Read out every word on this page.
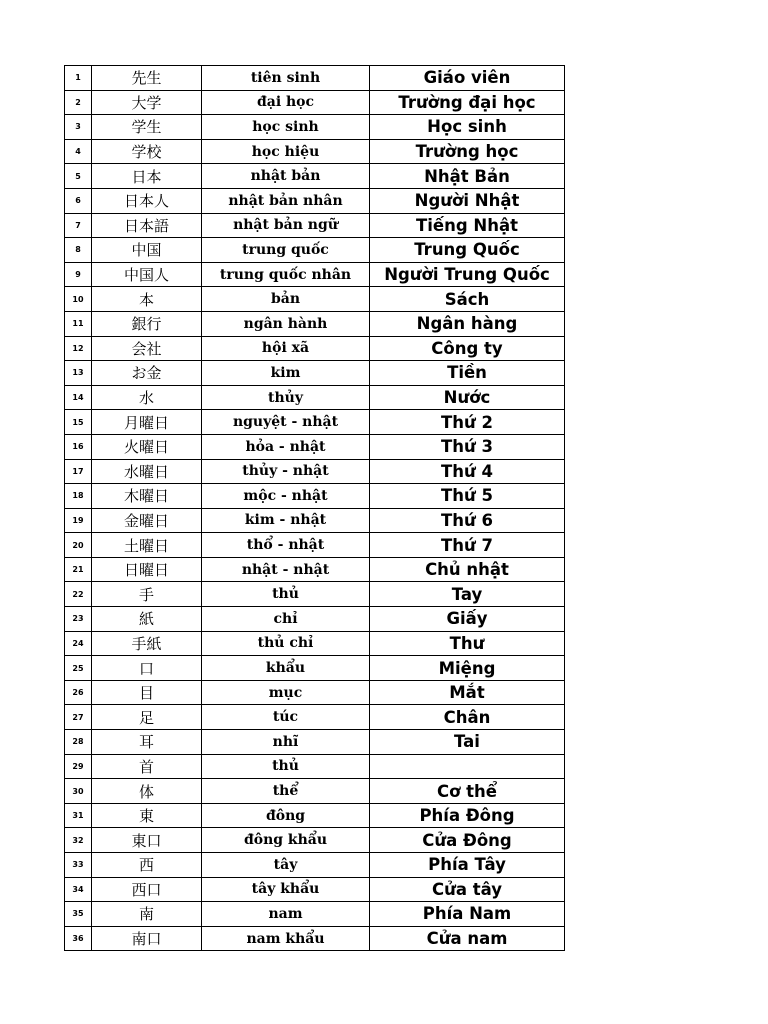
1	先生	tiên sinh	Giáo viên
2	大学	đại học	Trường đại học
3	学生	học sinh	Học sinh
4	学校	học hiệu	Trường học
5	日本	nhật bản	Nhật Bản
6	日本人	nhật bản nhân	Người Nhật
7	日本語	nhật bản ngữ	Tiếng Nhật
8	中国	trung quốc	Trung Quốc
9	中国人	trung quốc nhân	Người Trung Quốc
10	本	bản	Sách
11	銀行	ngân hành	Ngân hàng
12	会社	hội xã	Công ty
13	お金	kim	Tiền
14	水	thủy	Nước
15	月曜日	nguyệt - nhật	Thứ 2
16	火曜日	hỏa - nhật	Thứ 3
17	水曜日	thủy - nhật	Thứ 4
18	木曜日	mộc - nhật	Thứ 5
19	金曜日	kim - nhật	Thứ 6
20	土曜日	thổ - nhật	Thứ 7
21	日曜日	nhật - nhật	Chủ nhật
22	手	thủ	Tay
23	紙	chỉ	Giấy
24	手紙	thủ chỉ	Thư
25	口	khẩu	Miệng
26	目	mục	Mắt
27	足	túc	Chân
28	耳	nhĩ	Tai
29	首	thủ	
30	体	thể	Cơ thể
31	東	đông	Phía Đông
32	東口	đông khẩu	Cửa Đông
33	西	tây	Phía Tây
34	西口	tây khẩu	Cửa tây
35	南	nam	Phía Nam
36	南口	nam khẩu	Cửa nam
